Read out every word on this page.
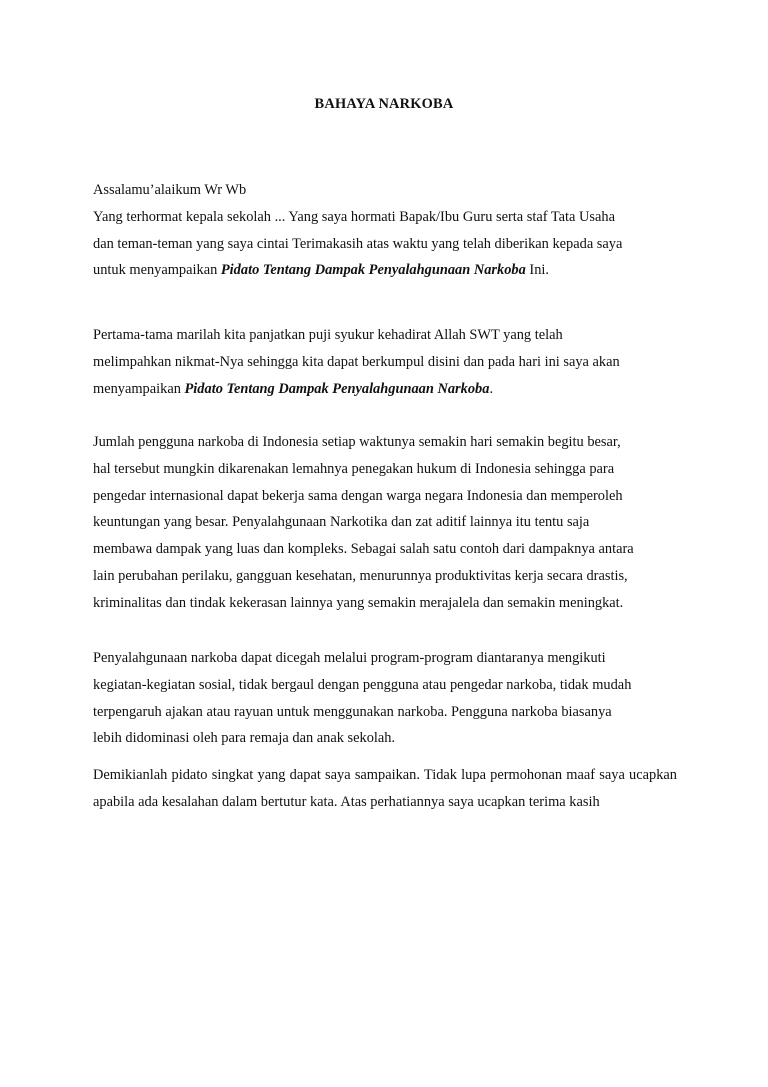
BAHAYA NARKOBA
Assalamu’alaikum Wr Wb
Yang terhormat kepala sekolah ... Yang saya hormati Bapak/Ibu Guru serta staf Tata Usaha
dan teman-teman yang saya cintai Terimakasih atas waktu yang telah diberikan kepada saya
untuk menyampaikan Pidato Tentang Dampak Penyalahgunaan Narkoba Ini.
Pertama-tama marilah kita panjatkan puji syukur kehadirat Allah SWT yang telah
melimpahkan nikmat-Nya sehingga kita dapat berkumpul disini dan pada hari ini saya akan
menyampaikan Pidato Tentang Dampak Penyalahgunaan Narkoba.
Jumlah pengguna narkoba di Indonesia setiap waktunya semakin hari semakin begitu besar,
hal tersebut mungkin dikarenakan lemahnya penegakan hukum di Indonesia sehingga para
pengedar internasional dapat bekerja sama dengan warga negara Indonesia dan memperoleh
keuntungan yang besar. Penyalahgunaan Narkotika dan zat aditif lainnya itu tentu saja
membawa dampak yang luas dan kompleks. Sebagai salah satu contoh dari dampaknya antara
lain perubahan perilaku, gangguan kesehatan, menurunnya produktivitas kerja secara drastis,
kriminalitas dan tindak kekerasan lainnya yang semakin merajalela dan semakin meningkat.
Penyalahgunaan narkoba dapat dicegah melalui program-program diantaranya mengikuti
kegiatan-kegiatan sosial, tidak bergaul dengan pengguna atau pengedar narkoba, tidak mudah
terpengaruh ajakan atau rayuan untuk menggunakan narkoba. Pengguna narkoba biasanya
lebih didominasi oleh para remaja dan anak sekolah.

Demikianlah pidato singkat yang dapat saya sampaikan. Tidak lupa permohonan maaf saya ucapkan apabila ada kesalahan dalam bertutur kata. Atas perhatiannya saya ucapkan terima kasih
